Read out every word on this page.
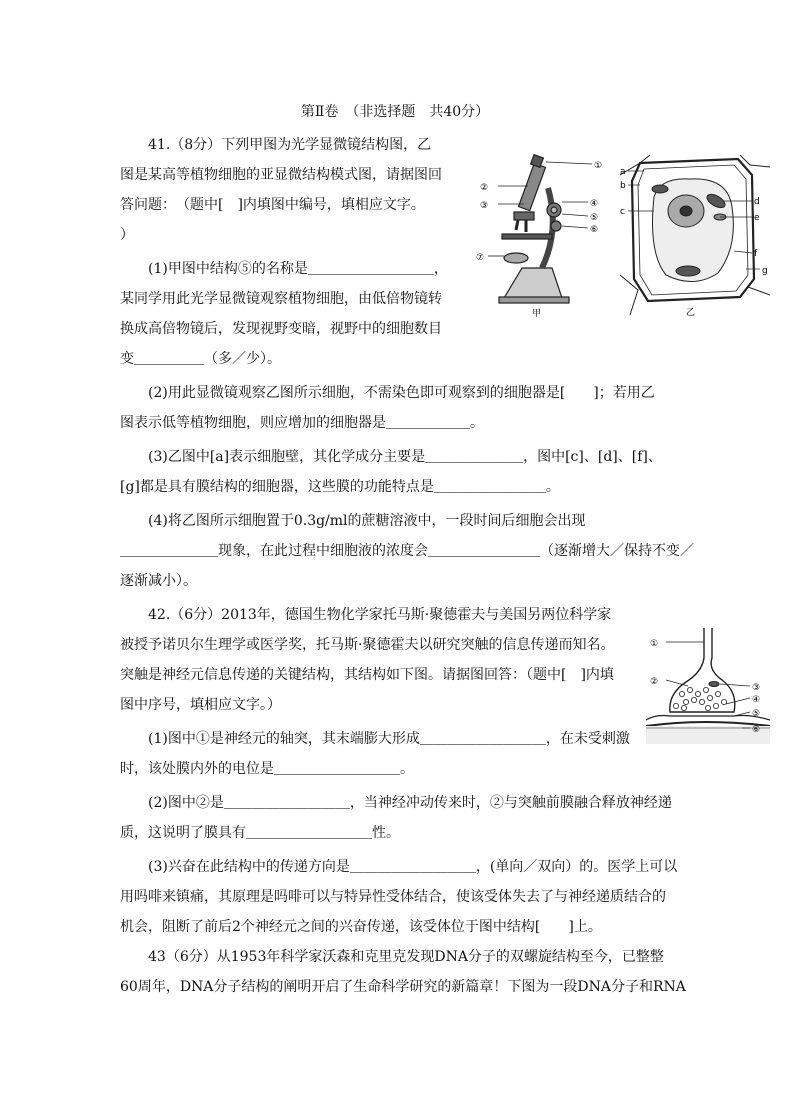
第Ⅱ卷　（非选择题　共40分）
41.（8分）下列甲图为光学显微镜结构图，乙
图是某高等植物细胞的亚显微结构模式图，请据图回
答问题：　（题中[　]内填图中编号，填相应文字。
）
(1)甲图中结构⑤的名称是＿＿＿＿＿＿＿＿＿，
某同学用此光学显微镜观察植物细胞，由低倍物镜转
换成高倍物镜后，发现视野变暗，视野中的细胞数目
变＿＿＿＿＿（多／少）。
(2)用此显微镜观察乙图所示细胞，不需染色即可观察到的细胞器是[　　]；若用乙
图表示低等植物细胞，则应增加的细胞器是＿＿＿＿＿＿。
(3)乙图中[a]表示细胞壁，其化学成分主要是＿＿＿＿＿＿＿，图中[c]、[d]、[f]、
[g]都是具有膜结构的细胞器，这些膜的功能特点是＿＿＿＿＿＿＿＿。
(4)将乙图所示细胞置于0.3g/ml的蔗糖溶液中，一段时间后细胞会出现
＿＿＿＿＿＿＿现象，在此过程中细胞液的浓度会＿＿＿＿＿＿＿＿（逐渐增大／保持不变／
逐渐减小）。
①
②
③	④
⑤
⑥
⑦
甲
a
b
c
d
e
f
g
乙
42.（6分）2013年，德国生物化学家托马斯·聚德霍夫与美国另两位科学家
被授予诺贝尔生理学或医学奖，托马斯·聚德霍夫以研究突触的信息传递而知名。
突触是神经元信息传递的关键结构，其结构如下图。请据图回答：（题中[　]内填
图中序号，填相应文字。）
(1)图中①是神经元的轴突，其末端膨大形成＿＿＿＿＿＿＿＿＿，在未受刺激
时，该处膜内外的电位是＿＿＿＿＿＿＿＿＿。
(2)图中②是＿＿＿＿＿＿＿＿＿，当神经冲动传来时，②与突触前膜融合释放神经递
质，这说明了膜具有＿＿＿＿＿＿＿＿＿性。
(3)兴奋在此结构中的传递方向是＿＿＿＿＿＿＿＿＿，(单向／双向）的。医学上可以
用吗啡来镇痛，其原理是吗啡可以与特异性受体结合，使该受体失去了与神经递质结合的
机会，阻断了前后2个神经元之间的兴奋传递，该受体位于图中结构[　　]上。
①
②
③
④
⑤
⑥
43（6分）从1953年科学家沃森和克里克发现DNA分子的双螺旋结构至今，已整整
60周年，DNA分子结构的阐明开启了生命科学研究的新篇章！下图为一段DNA分子和RNA
